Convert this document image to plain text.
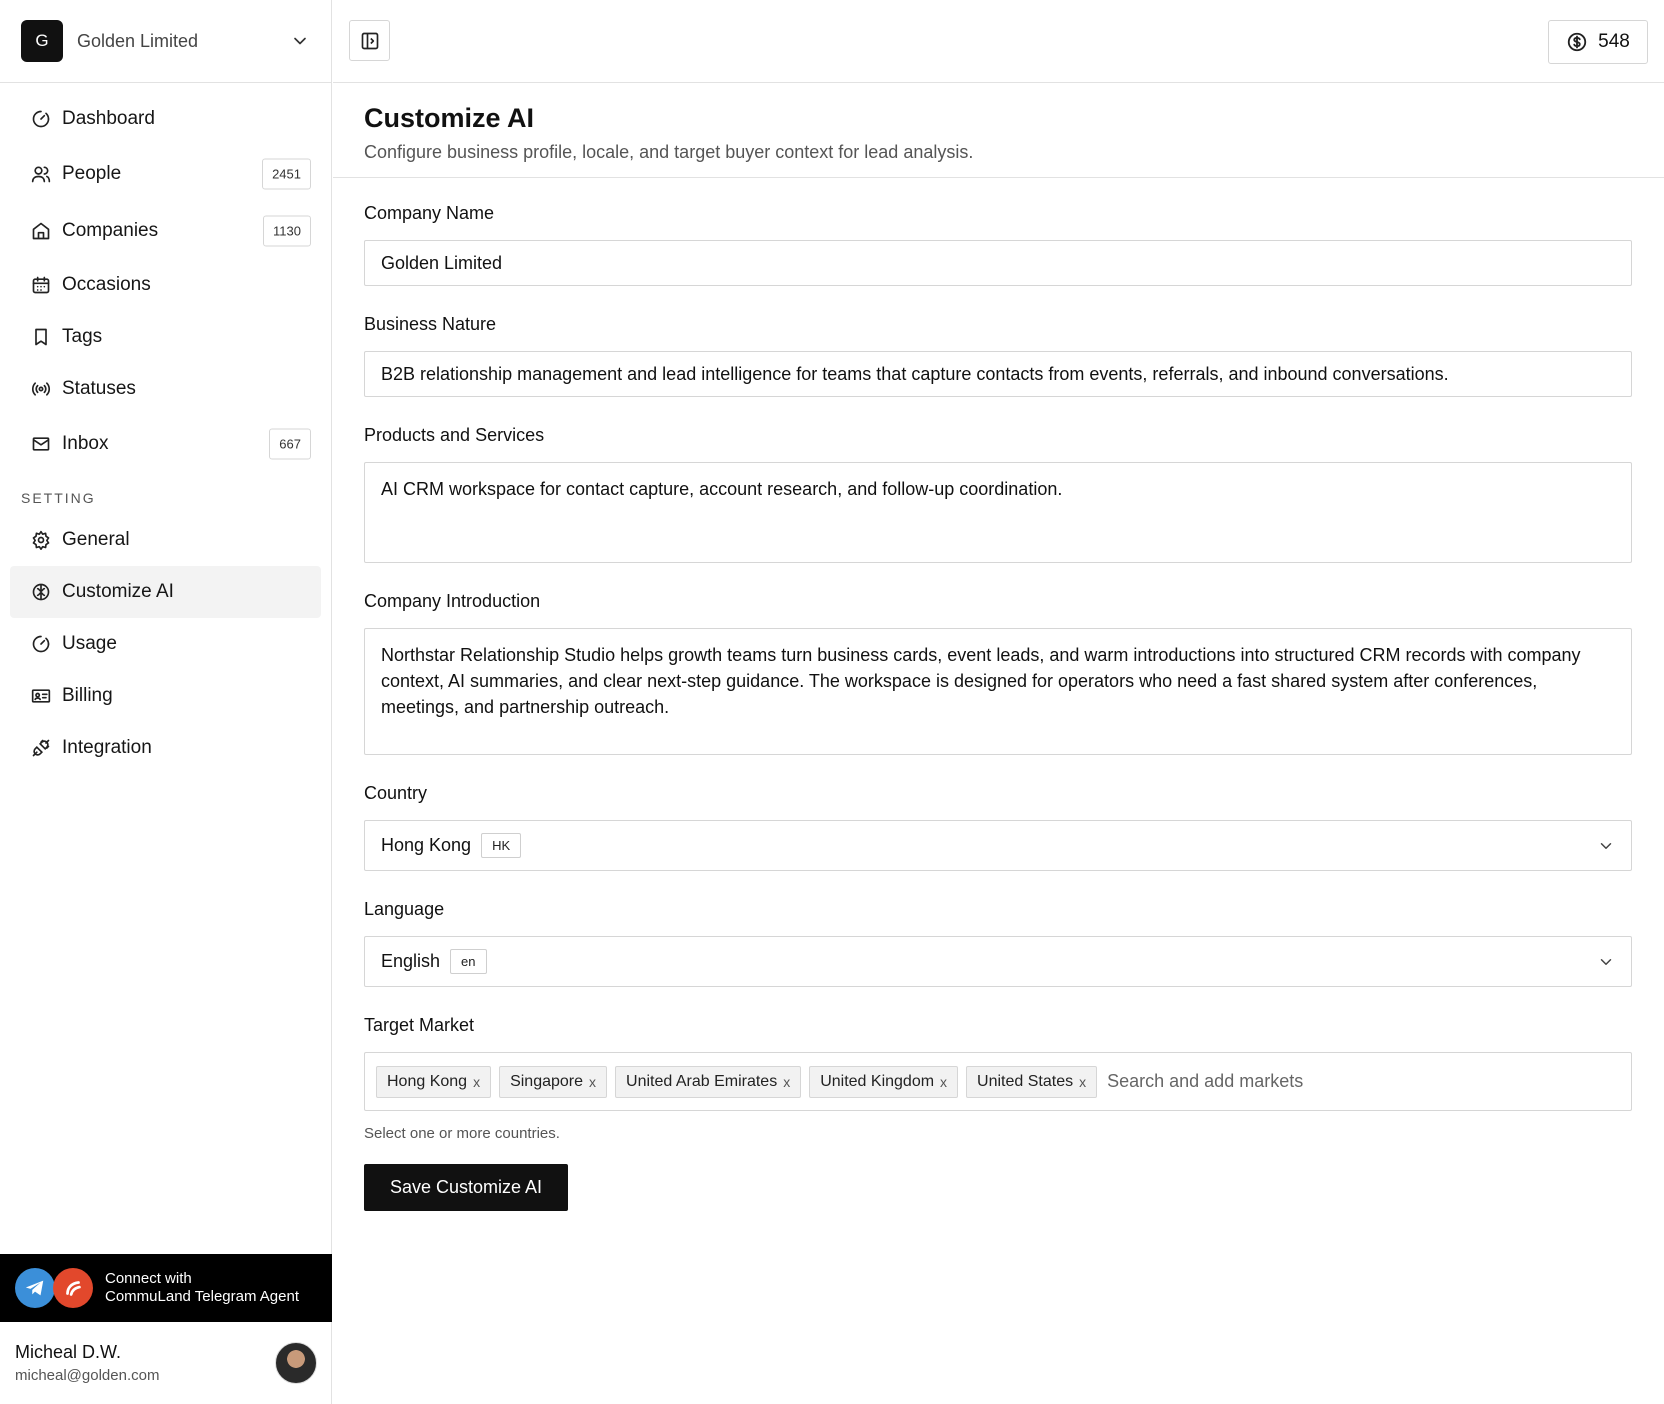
G	Golden Limited
Dashboard
People	2451
Companies	1130
Occasions
Tags
Statuses
Inbox	667
SETTING
General
Customize AI
Usage
Billing
Integration
Connect with
CommuLand Telegram Agent
Micheal D.W.
micheal@golden.com
548
Customize AI
Configure business profile, locale, and target buyer context for lead analysis.
Company Name
Golden Limited
Business Nature
B2B relationship management and lead intelligence for teams that capture contacts from events, referrals, and inbound conversations.
Products and Services
AI CRM workspace for contact capture, account research, and follow-up coordination.
Company Introduction
Northstar Relationship Studio helps growth teams turn business cards, event leads, and warm introductions into structured CRM records with company context, AI summaries, and clear next-step guidance. The workspace is designed for operators who need a fast shared system after conferences, meetings, and partnership outreach.
Country
Hong Kong	HK
Language
English	en
Target Market
Hong Kong x Singapore x United Arab Emirates x United Kingdom x United States x Search and add markets
Select one or more countries.
Save Customize AI
